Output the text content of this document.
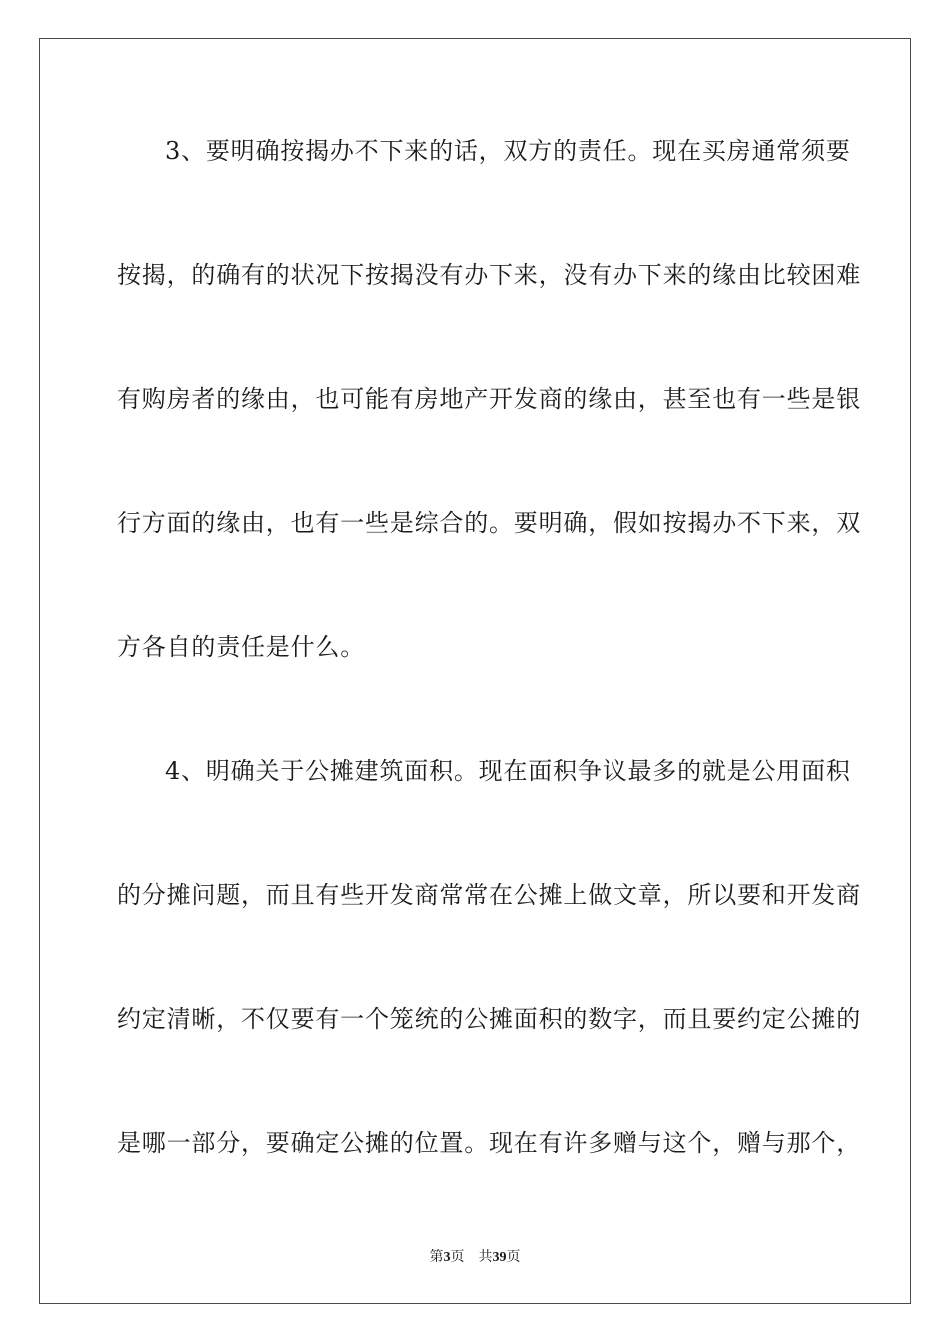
3、要明确按揭办不下来的话，双方的责任。现在买房通常须要
按揭，的确有的状况下按揭没有办下来，没有办下来的缘由比较困难
有购房者的缘由，也可能有房地产开发商的缘由，甚至也有一些是银
行方面的缘由，也有一些是综合的。要明确，假如按揭办不下来，双
方各自的责任是什么。
4、明确关于公摊建筑面积。现在面积争议最多的就是公用面积
的分摊问题，而且有些开发商常常在公摊上做文章，所以要和开发商
约定清晰，不仅要有一个笼统的公摊面积的数字，而且要约定公摊的
是哪一部分，要确定公摊的位置。现在有许多赠与这个，赠与那个，
第3页 共39页
